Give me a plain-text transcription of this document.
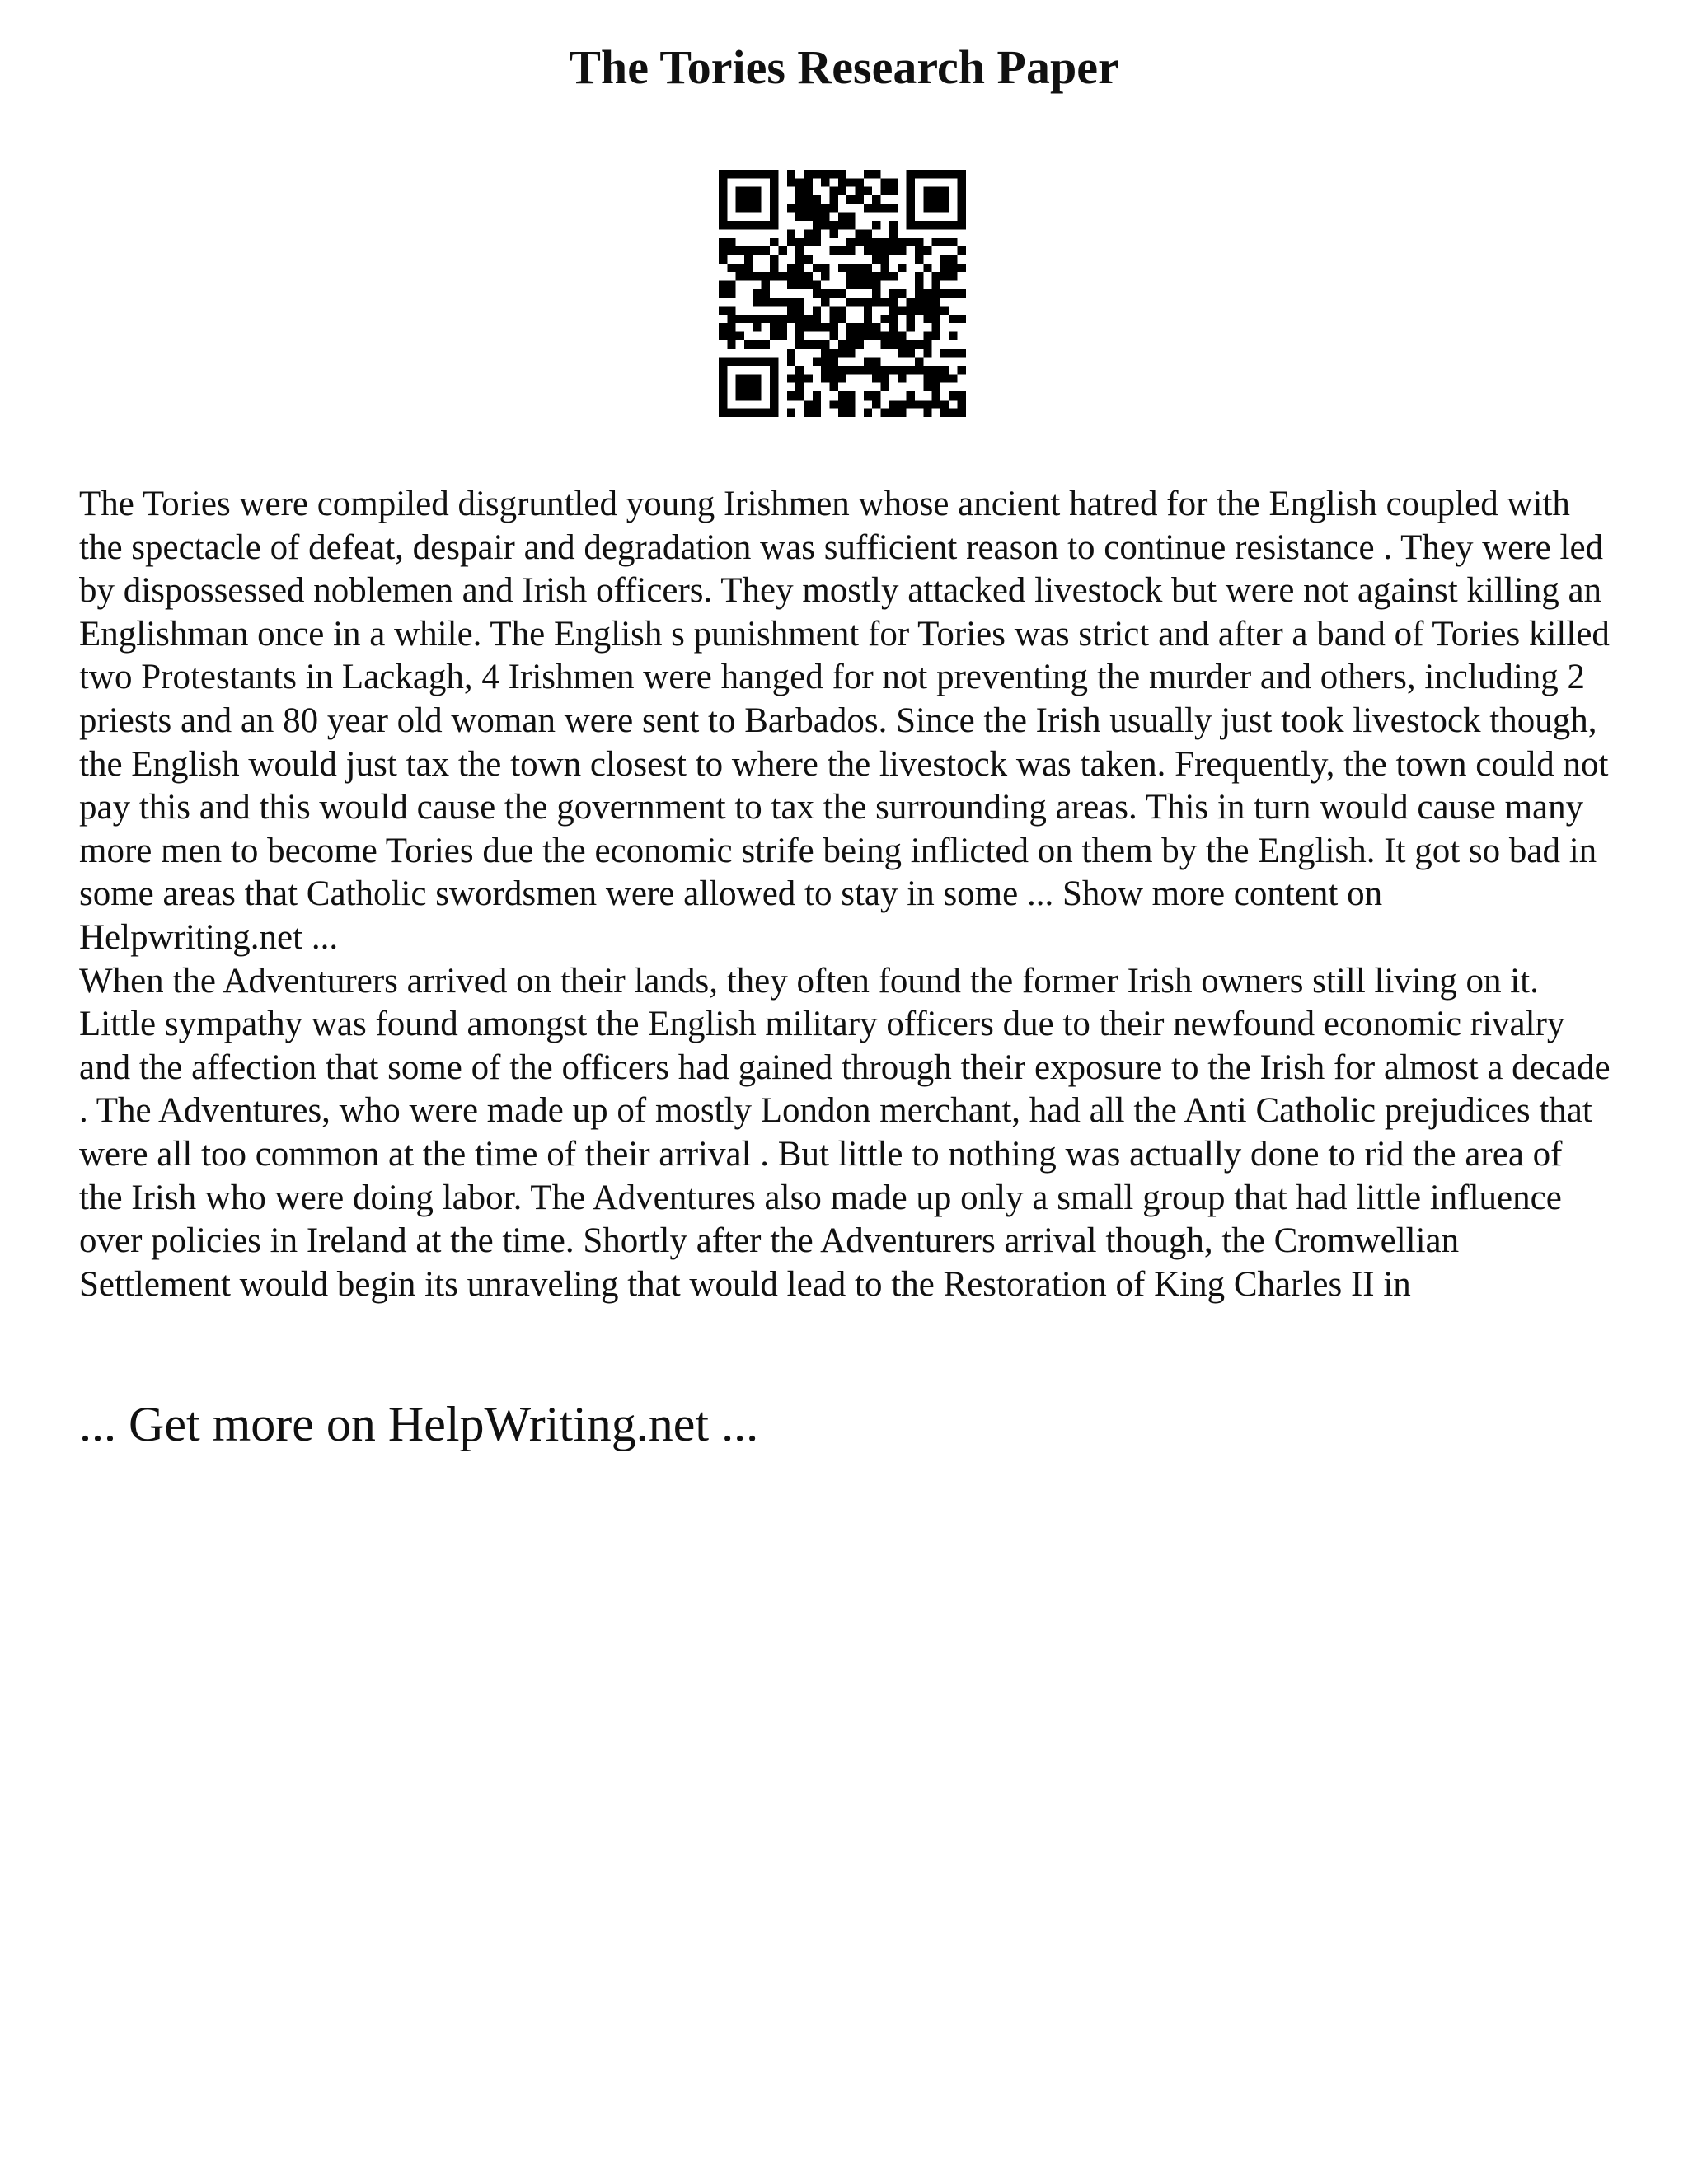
The Tories Research Paper

The Tories were compiled disgruntled young Irishmen whose ancient hatred for the English coupled with the spectacle of defeat, despair and degradation was sufficient reason to continue resistance . They were led by dispossessed noblemen and Irish officers. They mostly attacked livestock but were not against killing an Englishman once in a while. The English s punishment for Tories was strict and after a band of Tories killed two Protestants in Lackagh, 4 Irishmen were hanged for not preventing the murder and others, including 2 priests and an 80 year old woman were sent to Barbados. Since the Irish usually just took livestock though, the English would just tax the town closest to where the livestock was taken. Frequently, the town could not pay this and this would cause the government to tax the surrounding areas. This in turn would cause many more men to become Tories due the economic strife being inflicted on them by the English. It got so bad in some areas that Catholic swordsmen were allowed to stay in some ... Show more content on Helpwriting.net ...

When the Adventurers arrived on their lands, they often found the former Irish owners still living on it. Little sympathy was found amongst the English military officers due to their newfound economic rivalry and the affection that some of the officers had gained through their exposure to the Irish for almost a decade . The Adventures, who were made up of mostly London merchant, had all the Anti Catholic prejudices that were all too common at the time of their arrival . But little to nothing was actually done to rid the area of the Irish who were doing labor. The Adventures also made up only a small group that had little influence over policies in Ireland at the time. Shortly after the Adventurers arrival though, the Cromwellian Settlement would begin its unraveling that would lead to the Restoration of King Charles II in

... Get more on HelpWriting.net ...
